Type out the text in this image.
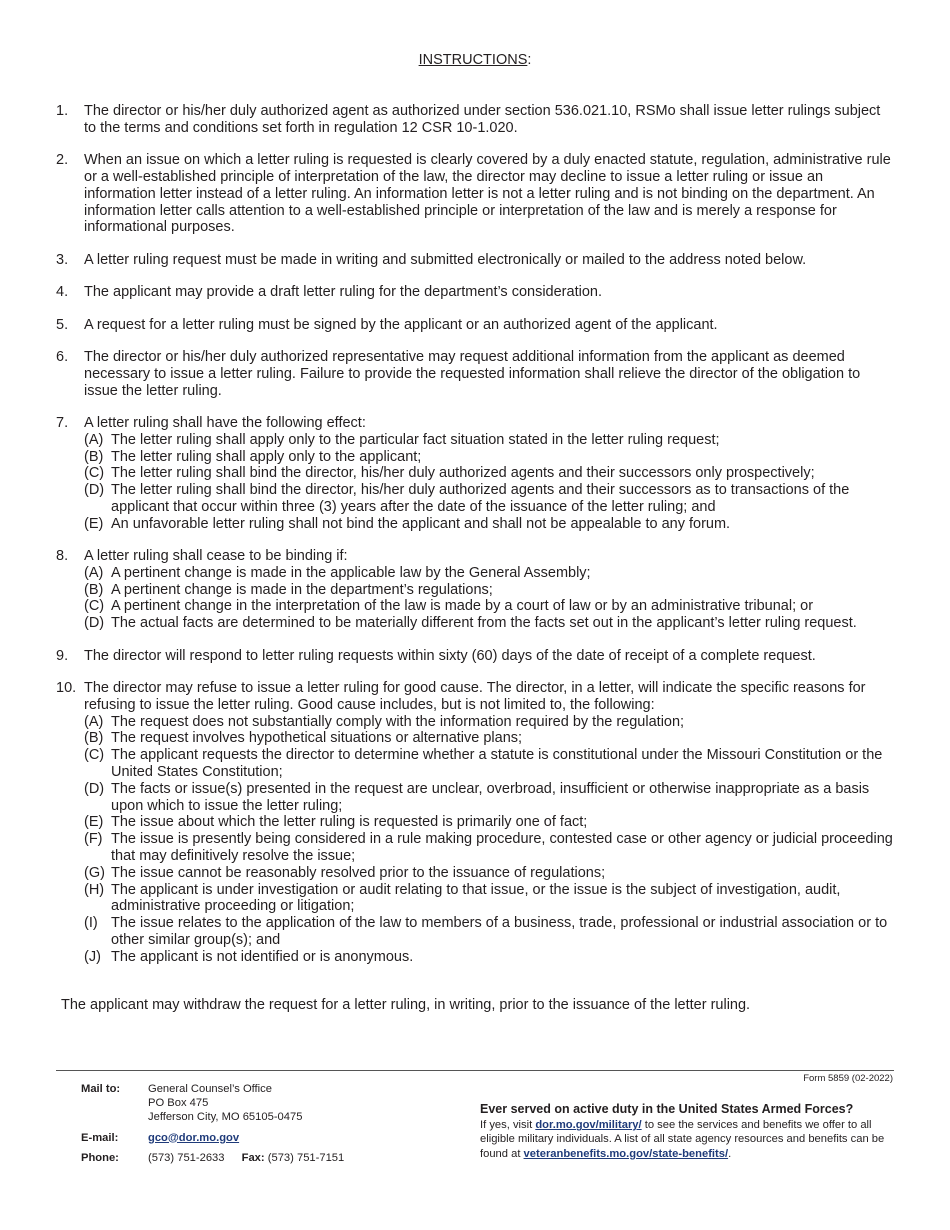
INSTRUCTIONS:
1. The director or his/her duly authorized agent as authorized under section 536.021.10, RSMo shall issue letter rulings subject to the terms and conditions set forth in regulation 12 CSR 10-1.020.
2. When an issue on which a letter ruling is requested is clearly covered by a duly enacted statute, regulation, administrative rule or a well-established principle of interpretation of the law, the director may decline to issue a letter ruling or issue an information letter instead of a letter ruling. An information letter is not a letter ruling and is not binding on the department. An information letter calls attention to a well-established principle or interpretation of the law and is merely a response for informational purposes.
3. A letter ruling request must be made in writing and submitted electronically or mailed to the address noted below.
4. The applicant may provide a draft letter ruling for the department’s consideration.
5. A request for a letter ruling must be signed by the applicant or an authorized agent of the applicant.
6. The director or his/her duly authorized representative may request additional information from the applicant as deemed necessary to issue a letter ruling. Failure to provide the requested information shall relieve the director of the obligation to issue the letter ruling.
7. A letter ruling shall have the following effect:
(A) The letter ruling shall apply only to the particular fact situation stated in the letter ruling request;
(B) The letter ruling shall apply only to the applicant;
(C) The letter ruling shall bind the director, his/her duly authorized agents and their successors only prospectively;
(D) The letter ruling shall bind the director, his/her duly authorized agents and their successors as to transactions of the applicant that occur within three (3) years after the date of the issuance of the letter ruling; and
(E) An unfavorable letter ruling shall not bind the applicant and shall not be appealable to any forum.
8. A letter ruling shall cease to be binding if:
(A) A pertinent change is made in the applicable law by the General Assembly;
(B) A pertinent change is made in the department’s regulations;
(C) A pertinent change in the interpretation of the law is made by a court of law or by an administrative tribunal; or
(D) The actual facts are determined to be materially different from the facts set out in the applicant’s letter ruling request.
9. The director will respond to letter ruling requests within sixty (60) days of the date of receipt of a complete request.
10. The director may refuse to issue a letter ruling for good cause. The director, in a letter, will indicate the specific reasons for refusing to issue the letter ruling. Good cause includes, but is not limited to, the following:
(A) The request does not substantially comply with the information required by the regulation;
(B) The request involves hypothetical situations or alternative plans;
(C) The applicant requests the director to determine whether a statute is constitutional under the Missouri Constitution or the United States Constitution;
(D) The facts or issue(s) presented in the request are unclear, overbroad, insufficient or otherwise inappropriate as a basis upon which to issue the letter ruling;
(E) The issue about which the letter ruling is requested is primarily one of fact;
(F) The issue is presently being considered in a rule making procedure, contested case or other agency or judicial proceeding that may definitively resolve the issue;
(G) The issue cannot be reasonably resolved prior to the issuance of regulations;
(H) The applicant is under investigation or audit relating to that issue, or the issue is the subject of investigation, audit, administrative proceeding or litigation;
(I) The issue relates to the application of the law to members of a business, trade, professional or industrial association or to other similar group(s); and
(J) The applicant is not identified or is anonymous.
The applicant may withdraw the request for a letter ruling, in writing, prior to the issuance of the letter ruling.
Form 5859 (02-2022)
Mail to: General Counsel’s Office
PO Box 475
Jefferson City, MO 65105-0475
E-mail:	gco@dor.mo.gov
Phone:	(573) 751-2633 Fax: (573) 751-7151
Ever served on active duty in the United States Armed Forces?
If yes, visit dor.mo.gov/military/ to see the services and benefits we offer to all eligible military individuals. A list of all state agency resources and benefits can be found at veteranbenefits.mo.gov/state-benefits/.
